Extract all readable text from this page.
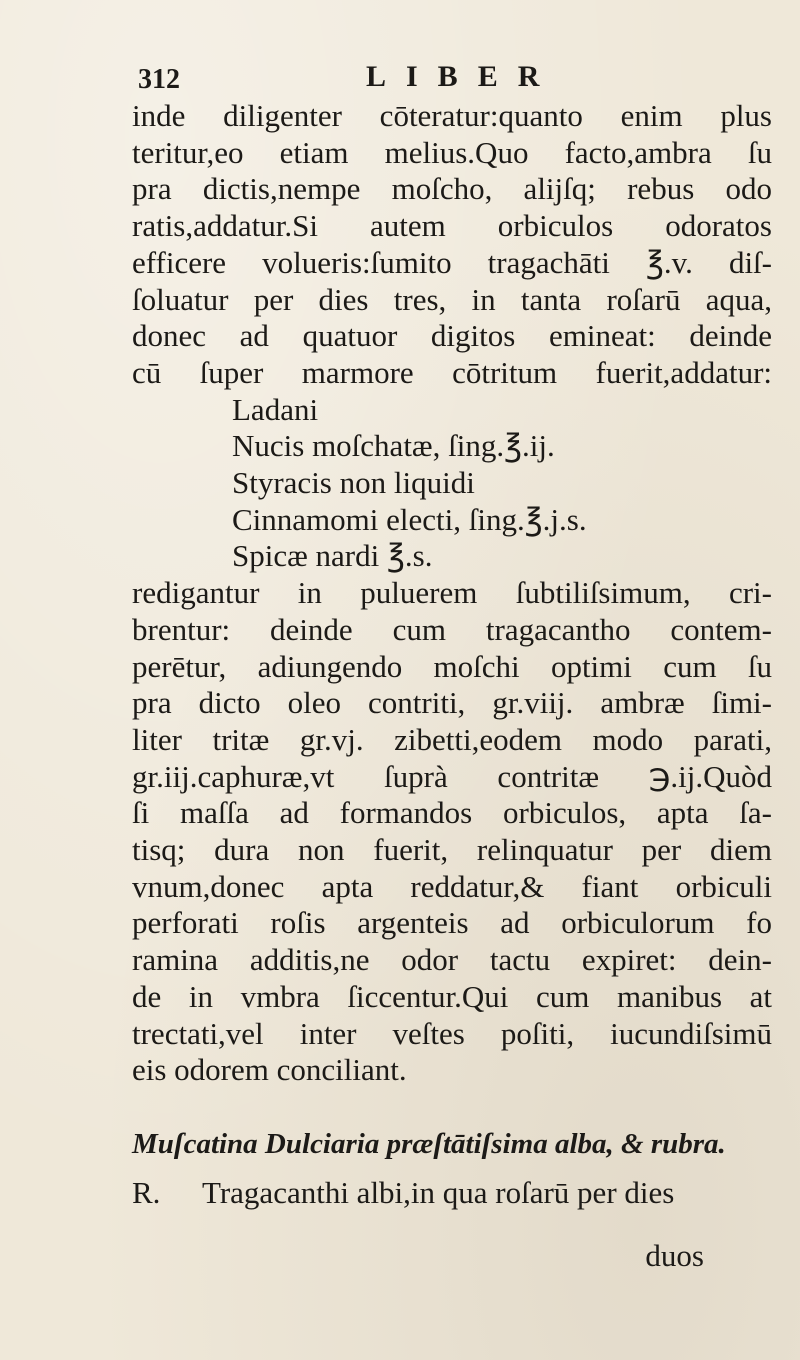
312	LIBER
inde diligenter cōteratur:quanto enim plus
teritur,eo etiam melius.Quo facto,ambra ſu
pra dictis,nempe moſcho, alijſq; rebus odo
ratis,addatur.Si autem orbiculos odoratos
efficere volueris:ſumito tragachāti ℥.v. diſ-
ſoluatur per dies tres, in tanta roſarū aqua,
donec ad quatuor digitos emineat: deinde
cū ſuper marmore cōtritum fuerit,addatur:
Ladani
Nucis moſchatæ, ſing.℥.ij.
Styracis non liquidi
Cinnamomi electi, ſing.℥.j.s.
Spicæ nardi ℥.s.
redigantur in puluerem ſubtiliſsimum, cri-
brentur: deinde cum tragacantho contem-
perētur, adiungendo moſchi optimi cum ſu
pra dicto oleo contriti, gr.viij. ambræ ſimi-
liter tritæ gr.vj. zibetti,eodem modo parati,
gr.iij.caphuræ,vt ſuprà contritæ ℈.ij.Quòd
ſi maſſa ad formandos orbiculos, apta ſa-
tisq; dura non fuerit, relinquatur per diem
vnum,donec apta reddatur,& fiant orbiculi
perforati roſis argenteis ad orbiculorum fo
ramina additis,ne odor tactu expiret: dein-
de in vmbra ſiccentur.Qui cum manibus at
trectati,vel inter veſtes poſiti, iucundiſsimū
eis odorem conciliant.
Muſcatina Dulciaria præſtātiſsima alba, & rubra.
R. Tragacanthi albi,in qua roſarū per dies
duos
